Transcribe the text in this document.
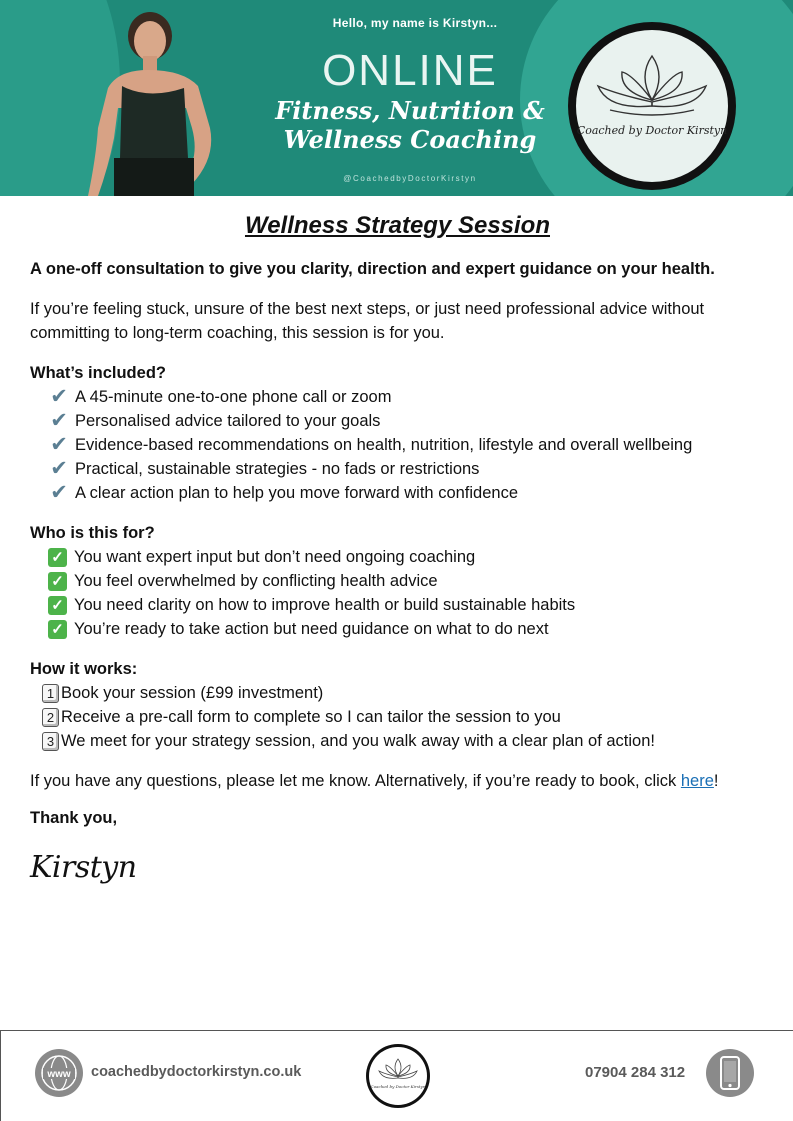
Hello, my name is Kirstyn...
ONLINE
Fitness, Nutrition &
Wellness Coaching
@CoachedbyDoctorKirstyn
Coached by Doctor Kirstyn
Wellness Strategy Session
A one-off consultation to give you clarity, direction and expert guidance on your health.
If you’re feeling stuck, unsure of the best next steps, or just need professional advice without committing to long-term coaching, this session is for you.
What’s included?
✔ A 45-minute one-to-one phone call or zoom
✔ Personalised advice tailored to your goals
✔ Evidence-based recommendations on health, nutrition, lifestyle and overall wellbeing
✔ Practical, sustainable strategies - no fads or restrictions
✔ A clear action plan to help you move forward with confidence
Who is this for?
✓ You want expert input but don’t need ongoing coaching
✓ You feel overwhelmed by conflicting health advice
✓ You need clarity on how to improve health or build sustainable habits
✓ You’re ready to take action but need guidance on what to do next
How it works:
1 Book your session (£99 investment)
2 Receive a pre-call form to complete so I can tailor the session to you
3 We meet for your strategy session, and you walk away with a clear plan of action!
If you have any questions, please let me know. Alternatively, if you’re ready to book, click here!
Thank you,
Kirstyn
www coachedbydoctorkirstyn.co.uk
Coached by Doctor Kirstyn
07904 284 312
